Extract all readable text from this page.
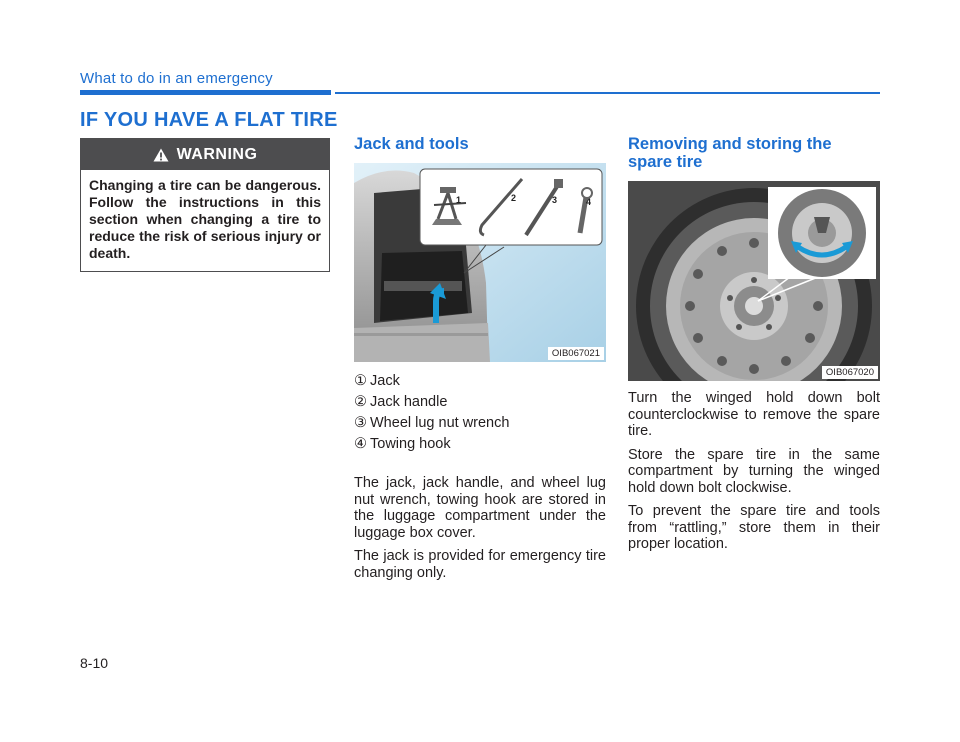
What to do in an emergency
IF YOU HAVE A FLAT TIRE
WARNING
Changing a tire can be dangerous. Follow the instructions in this section when changing a tire to reduce the risk of serious injury or death.
Jack and tools
1	2	3	4
OIB067021
① Jack
② Jack handle
③ Wheel lug nut wrench
④ Towing hook

The jack, jack handle, and wheel lug nut wrench, towing hook are stored in the luggage compartment under the luggage box cover.

The jack is provided for emergency tire changing only.

Removing and storing the spare tire
OIB067020

Turn the winged hold down bolt counterclockwise to remove the spare tire.

Store the spare tire in the same compartment by turning the winged hold down bolt clockwise.

To prevent the spare tire and tools from “rattling,” store them in their proper location.

8-10
